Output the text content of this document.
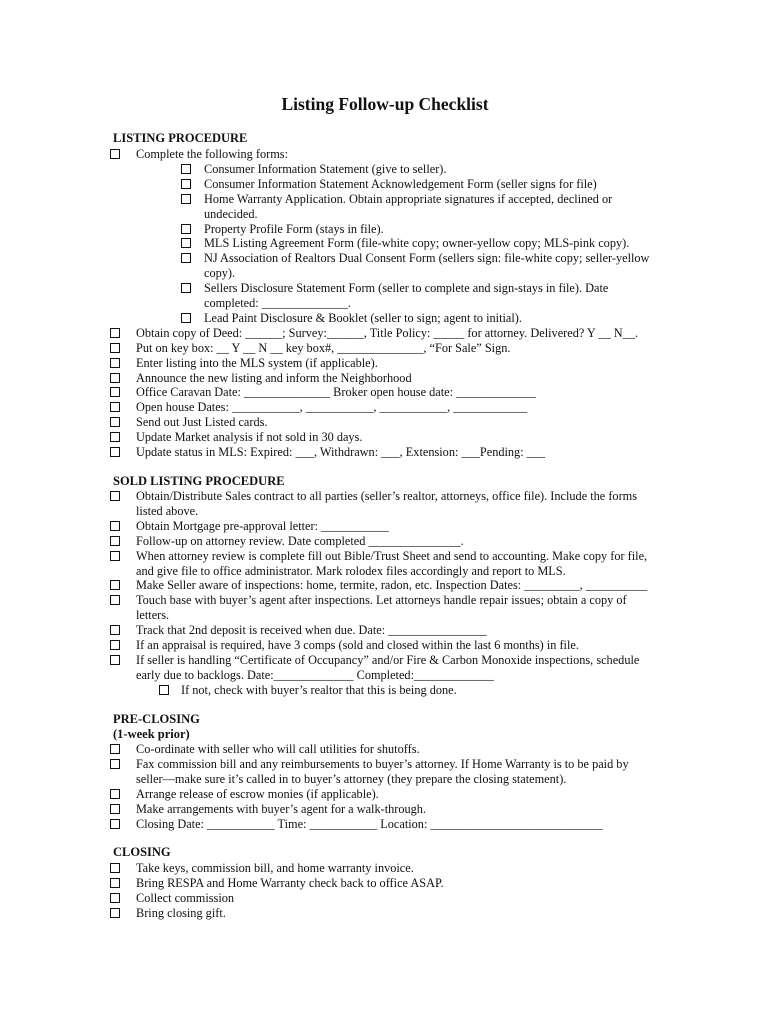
Listing Follow-up Checklist
LISTING PROCEDURE
Complete the following forms:
Consumer Information Statement (give to seller).
Consumer Information Statement Acknowledgement Form (seller signs for file)
Home Warranty Application. Obtain appropriate signatures if accepted, declined or
undecided.
Property Profile Form (stays in file).
MLS Listing Agreement Form (file-white copy; owner-yellow copy; MLS-pink copy).
NJ Association of Realtors Dual Consent Form (sellers sign: file-white copy; seller-yellow
copy).
Sellers Disclosure Statement Form (seller to complete and sign-stays in file). Date
completed: ______________.
Lead Paint Disclosure & Booklet (seller to sign; agent to initial).
Obtain copy of Deed: ______; Survey:______, Title Policy: _____ for attorney. Delivered? Y __ N__.
Put on key box: __ Y __ N __ key box#, ______________, “For Sale” Sign.
Enter listing into the MLS system (if applicable).
Announce the new listing and inform the Neighborhood
Office Caravan Date: ______________ Broker open house date: _____________
Open house Dates: ___________, ___________, ___________, ____________
Send out Just Listed cards.
Update Market analysis if not sold in 30 days.
Update status in MLS: Expired: ___, Withdrawn: ___, Extension: ___Pending: ___
SOLD LISTING PROCEDURE
Obtain/Distribute Sales contract to all parties (seller’s realtor, attorneys, office file). Include the forms
listed above.
Obtain Mortgage pre-approval letter: ___________
Follow-up on attorney review. Date completed _______________.
When attorney review is complete fill out Bible/Trust Sheet and send to accounting. Make copy for file,
and give file to office administrator. Mark rolodex files accordingly and report to MLS.
Make Seller aware of inspections: home, termite, radon, etc. Inspection Dates: _________, __________
Touch base with buyer’s agent after inspections. Let attorneys handle repair issues; obtain a copy of
letters.
Track that 2nd deposit is received when due. Date: ________________
If an appraisal is required, have 3 comps (sold and closed within the last 6 months) in file.
If seller is handling “Certificate of Occupancy” and/or Fire & Carbon Monoxide inspections, schedule
early due to backlogs. Date:_____________ Completed:_____________
If not, check with buyer’s realtor that this is being done.
PRE-CLOSING
(1-week prior)
Co-ordinate with seller who will call utilities for shutoffs.
Fax commission bill and any reimbursements to buyer’s attorney. If Home Warranty is to be paid by
seller—make sure it’s called in to buyer’s attorney (they prepare the closing statement).
Arrange release of escrow monies (if applicable).
Make arrangements with buyer’s agent for a walk-through.
Closing Date: ___________ Time: ___________ Location: ____________________________
CLOSING
Take keys, commission bill, and home warranty invoice.
Bring RESPA and Home Warranty check back to office ASAP.
Collect commission
Bring closing gift.
